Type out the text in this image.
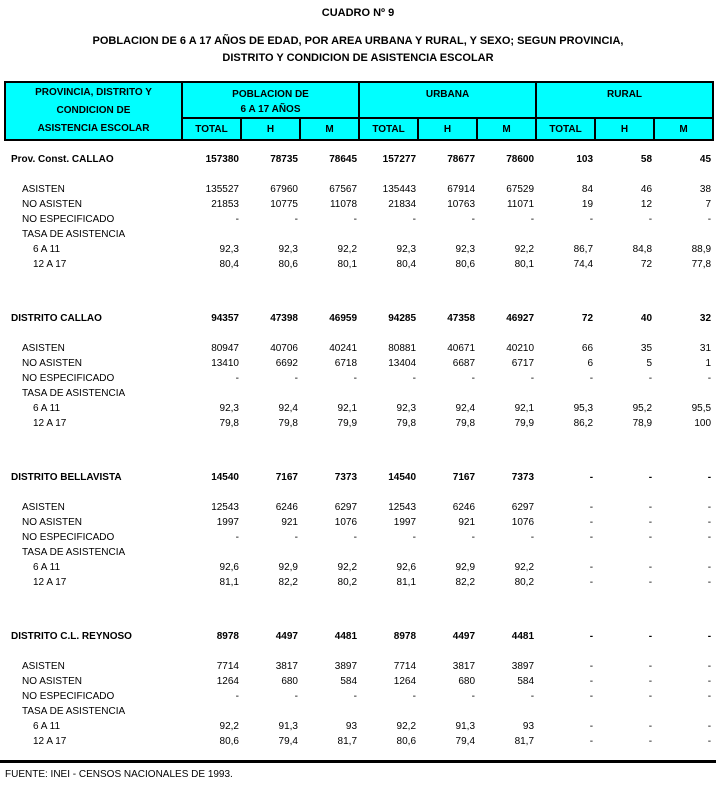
CUADRO Nº 9
POBLACION DE 6 A 17 AÑOS DE EDAD, POR AREA URBANA Y RURAL, Y SEXO; SEGUN PROVINCIA,
DISTRITO Y CONDICION DE ASISTENCIA ESCOLAR
PROVINCIA, DISTRITO Y
CONDICION DE
ASISTENCIA ESCOLAR

POBLACION DE
6 A 17 AÑOS

URBANA	RURAL

	TOTAL	H	M	TOTAL	H	M	TOTAL	H	M

Prov. Const. CALLAO	157380	78735	78645	157277	78677	78600	103	58	45

ASISTEN	135527	67960	67567	135443	67914	67529	84	46	38
NO ASISTEN	21853	10775	11078	21834	10763	11071	19	12	7
NO ESPECIFICADO	-	-	-	-	-	-	-	-	-
TASA DE ASISTENCIA									
6 A 11	92,3	92,3	92,2	92,3	92,3	92,2	86,7	84,8	88,9
12 A 17	80,4	80,6	80,1	80,4	80,6	80,1	74,4	72	77,8

DISTRITO CALLAO	94357	47398	46959	94285	47358	46927	72	40	32

ASISTEN	80947	40706	40241	80881	40671	40210	66	35	31
NO ASISTEN	13410	6692	6718	13404	6687	6717	6	5	1
NO ESPECIFICADO	-	-	-	-	-	-	-	-	-
TASA DE ASISTENCIA									
6 A 11	92,3	92,4	92,1	92,3	92,4	92,1	95,3	95,2	95,5
12 A 17	79,8	79,8	79,9	79,8	79,8	79,9	86,2	78,9	100

DISTRITO BELLAVISTA	14540	7167	7373	14540	7167	7373	-	-	-

ASISTEN	12543	6246	6297	12543	6246	6297	-	-	-
NO ASISTEN	1997	921	1076	1997	921	1076	-	-	-
NO ESPECIFICADO	-	-	-	-	-	-	-	-	-
TASA DE ASISTENCIA									
6 A 11	92,6	92,9	92,2	92,6	92,9	92,2	-	-	-
12 A 17	81,1	82,2	80,2	81,1	82,2	80,2	-	-	-

DISTRITO C.L. REYNOSO	8978	4497	4481	8978	4497	4481	-	-	-

ASISTEN	7714	3817	3897	7714	3817	3897	-	-	-
NO ASISTEN	1264	680	584	1264	680	584	-	-	-
NO ESPECIFICADO	-	-	-	-	-	-	-	-	-
TASA DE ASISTENCIA									
6 A 11	92,2	91,3	93	92,2	91,3	93	-	-	-
12 A 17	80,6	79,4	81,7	80,6	79,4	81,7	-	-	-
FUENTE: INEI - CENSOS NACIONALES DE 1993.
